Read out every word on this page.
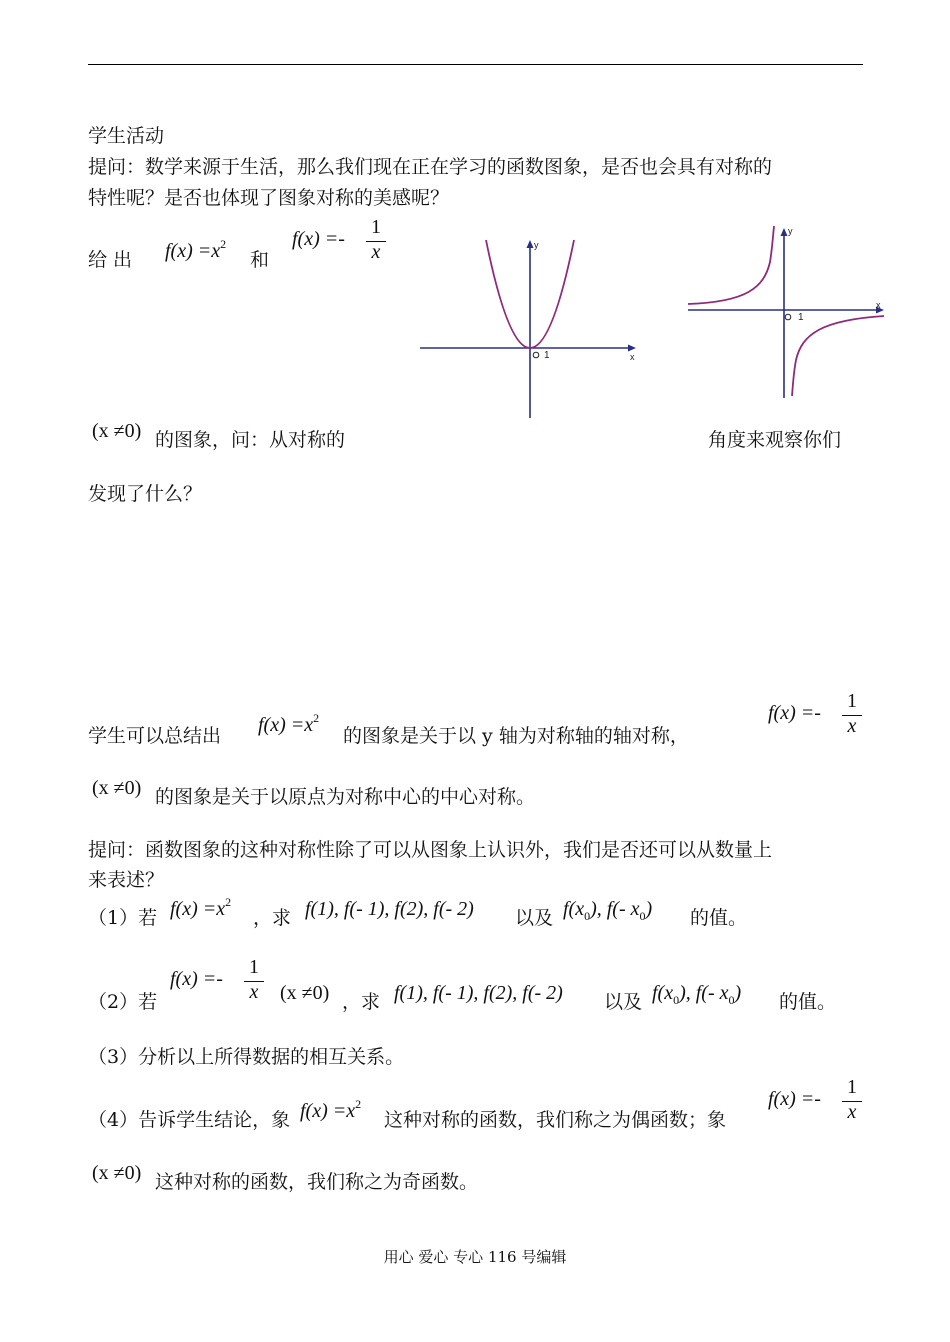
学生活动
提问：数学来源于生活，那么我们现在正在学习的函数图象，是否也会具有对称的
特性呢？是否也体现了图象对称的美感呢？
给 出 $f(x) =x^2$
和
f(x) =-
1
x
1	x
y
1
x
y
(x ≠0) 的图象，问：从对称的	角度来观察你们
发现了什么？
学生可以总结出 $f(x) =x^2$
的图象是关于以 y 轴为对称轴的轴对称，
f(x) =-
1
x
(x ≠0) 的图象是关于以原点为对称中心的中心对称。
提问：函数图象的这种对称性除了可以从图象上认识外，我们是否还可以从数量上
来表述？
（1）若 $f(x) =x^2$
，求 f(1), f(- 1), f(2), f(- 2) 以及 $f(x_0)$, f(- $x_0$) 的值。
（2）若
f(x) =-
1
x (x ≠0) ，求 f(1), f(- 1), f(2), f(- 2) 以及 $f(x_0)$, f(- $x_0$) 的值。
（3）分析以上所得数据的相互关系。
（4）告诉学生结论，象 $f(x) =x^2$
这种对称的函数，我们称之为偶函数；象
f(x) =-
1
x
(x ≠0) 这种对称的函数，我们称之为奇函数。
用心 爱心 专心 116 号编辑
